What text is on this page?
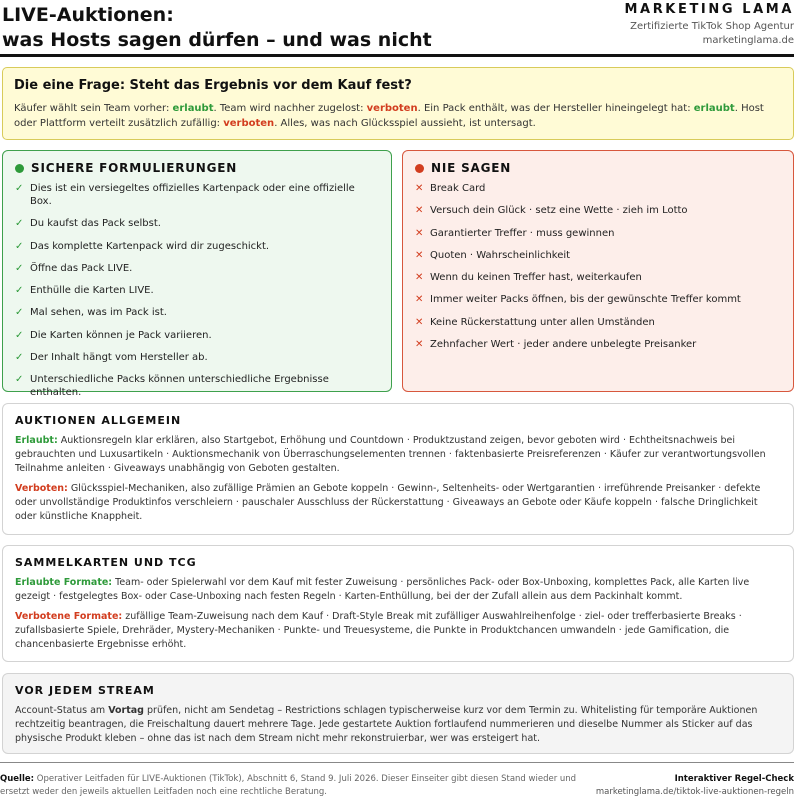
LIVE-Auktionen:
was Hosts sagen dürfen – und was nicht
MARKETING LAMA
Zertifizierte TikTok Shop Agentur
marketinglama.de
Die eine Frage: Steht das Ergebnis vor dem Kauf fest?
Käufer wählt sein Team vorher: erlaubt. Team wird nachher zugelost: verboten. Ein Pack enthält, was der Hersteller hineingelegt hat: erlaubt. Host oder Plattform verteilt zusätzlich zufällig: verboten. Alles, was nach Glücksspiel aussieht, ist untersagt.
SICHERE FORMULIERUNGEN
✓ Dies ist ein versiegeltes offizielles Kartenpack oder eine offizielle Box.
✓ Du kaufst das Pack selbst.
✓ Das komplette Kartenpack wird dir zugeschickt.
✓ Öffne das Pack LIVE.
✓ Enthülle die Karten LIVE.
✓ Mal sehen, was im Pack ist.
✓ Die Karten können je Pack variieren.
✓ Der Inhalt hängt vom Hersteller ab.
✓ Unterschiedliche Packs können unterschiedliche Ergebnisse enthalten.
NIE SAGEN
✕ Break Card
✕ Versuch dein Glück · setz eine Wette · zieh im Lotto
✕ Garantierter Treffer · muss gewinnen
✕ Quoten · Wahrscheinlichkeit
✕ Wenn du keinen Treffer hast, weiterkaufen
✕ Immer weiter Packs öffnen, bis der gewünschte Treffer kommt
✕ Keine Rückerstattung unter allen Umständen
✕ Zehnfacher Wert · jeder andere unbelegte Preisanker
AUKTIONEN ALLGEMEIN

Erlaubt: Auktionsregeln klar erklären, also Startgebot, Erhöhung und Countdown · Produktzustand zeigen, bevor geboten wird · Echtheitsnachweis bei gebrauchten und Luxusartikeln · Auktionsmechanik von Überraschungselementen trennen · faktenbasierte Preisreferenzen · Käufer zur verantwortungsvollen Teilnahme anleiten · Giveaways unabhängig von Geboten gestalten.

Verboten: Glücksspiel-Mechaniken, also zufällige Prämien an Gebote koppeln · Gewinn-, Seltenheits- oder Wertgarantien · irreführende Preisanker · defekte oder unvollständige Produktinfos verschleiern · pauschaler Ausschluss der Rückerstattung · Giveaways an Gebote oder Käufe koppeln · falsche Dringlichkeit oder künstliche Knappheit.

SAMMELKARTEN UND TCG

Erlaubte Formate: Team- oder Spielerwahl vor dem Kauf mit fester Zuweisung · persönliches Pack- oder Box-Unboxing, komplettes Pack, alle Karten live gezeigt · festgelegtes Box- oder Case-Unboxing nach festen Regeln · Karten-Enthüllung, bei der der Zufall allein aus dem Packinhalt kommt.

Verbotene Formate: zufällige Team-Zuweisung nach dem Kauf · Draft-Style Break mit zufälliger Auswahlreihenfolge · ziel- oder trefferbasierte Breaks · zufallsbasierte Spiele, Drehräder, Mystery-Mechaniken · Punkte- und Treuesysteme, die Punkte in Produktchancen umwandeln · jede Gamification, die chancenbasierte Ergebnisse erhöht.

VOR JEDEM STREAM

Account-Status am Vortag prüfen, nicht am Sendetag – Restrictions schlagen typischerweise kurz vor dem Termin zu. Whitelisting für temporäre Auktionen rechtzeitig beantragen, die Freischaltung dauert mehrere Tage. Jede gestartete Auktion fortlaufend nummerieren und dieselbe Nummer als Sticker auf das physische Produkt kleben – ohne das ist nach dem Stream nicht mehr rekonstruierbar, wer was ersteigert hat.

Quelle: Operativer Leitfaden für LIVE-Auktionen (TikTok), Abschnitt 6, Stand 9. Juli 2026. Dieser Einseiter gibt diesen Stand wieder und ersetzt weder den jeweils aktuellen Leitfaden noch eine rechtliche Beratung.
Interaktiver Regel-Check
marketinglama.de/tiktok-live-auktionen-regeln
